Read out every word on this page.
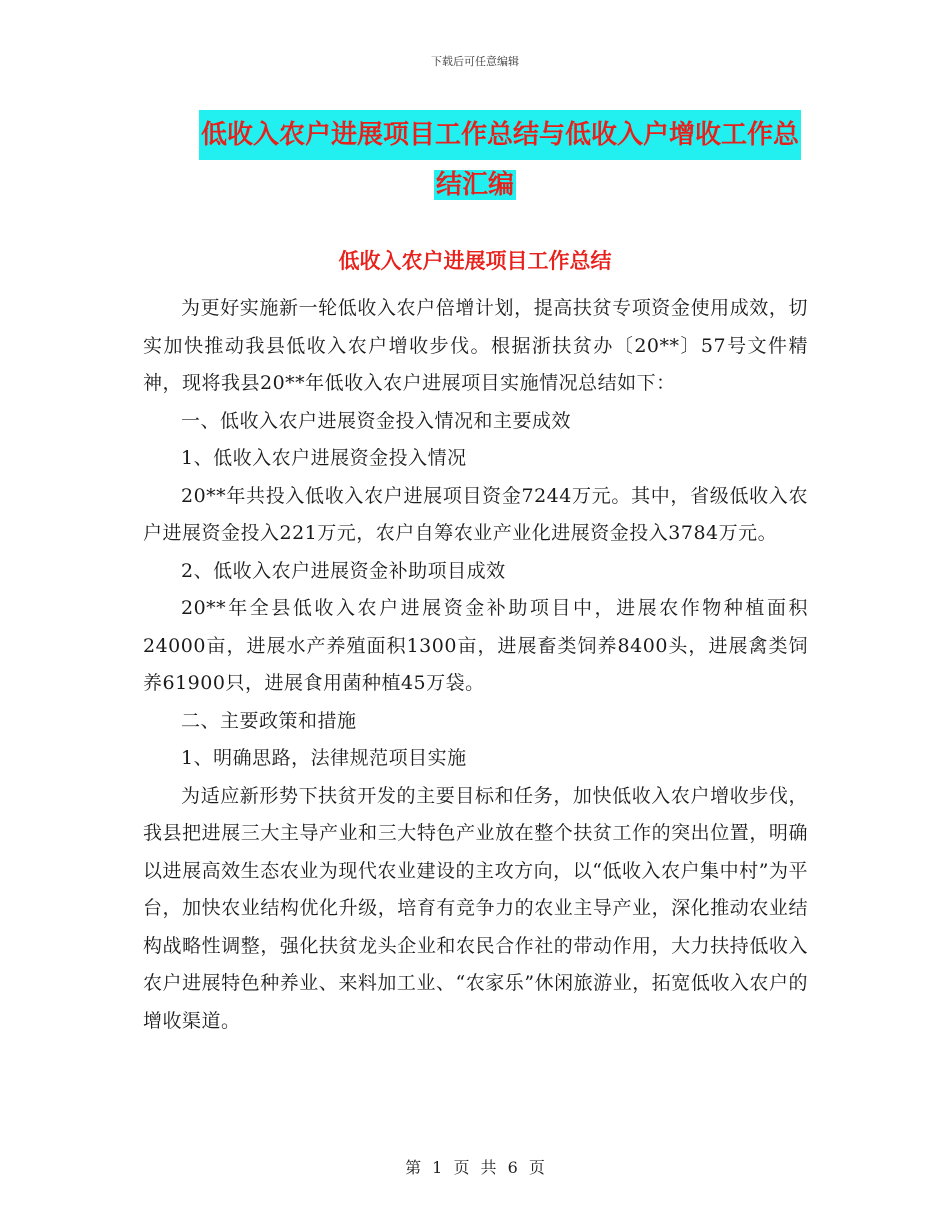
下载后可任意编辑
低收入农户进展项目工作总结与低收入户增收工作总
结汇编
低收入农户进展项目工作总结

为更好实施新一轮低收入农户倍增计划，提高扶贫专项资金使用成效，切实加快推动我县低收入农户增收步伐。根据浙扶贫办〔20**〕57号文件精神，现将我县20**年低收入农户进展项目实施情况总结如下：

一、低收入农户进展资金投入情况和主要成效

1、低收入农户进展资金投入情况

20**年共投入低收入农户进展项目资金7244万元。其中，省级低收入农户进展资金投入221万元，农户自筹农业产业化进展资金投入3784万元。

2、低收入农户进展资金补助项目成效

20**年全县低收入农户进展资金补助项目中，进展农作物种植面积24000亩，进展水产养殖面积1300亩，进展畜类饲养8400头，进展禽类饲养61900只，进展食用菌种植45万袋。

二、主要政策和措施

1、明确思路，法律规范项目实施

为适应新形势下扶贫开发的主要目标和任务，加快低收入农户增收步伐，我县把进展三大主导产业和三大特色产业放在整个扶贫工作的突出位置，明确以进展高效生态农业为现代农业建设的主攻方向，以“低收入农户集中村”为平台，加快农业结构优化升级，培育有竞争力的农业主导产业，深化推动农业结构战略性调整，强化扶贫龙头企业和农民合作社的带动作用，大力扶持低收入农户进展特色种养业、来料加工业、“农家乐”休闲旅游业，拓宽低收入农户的增收渠道。

第 1 页 共 6 页
